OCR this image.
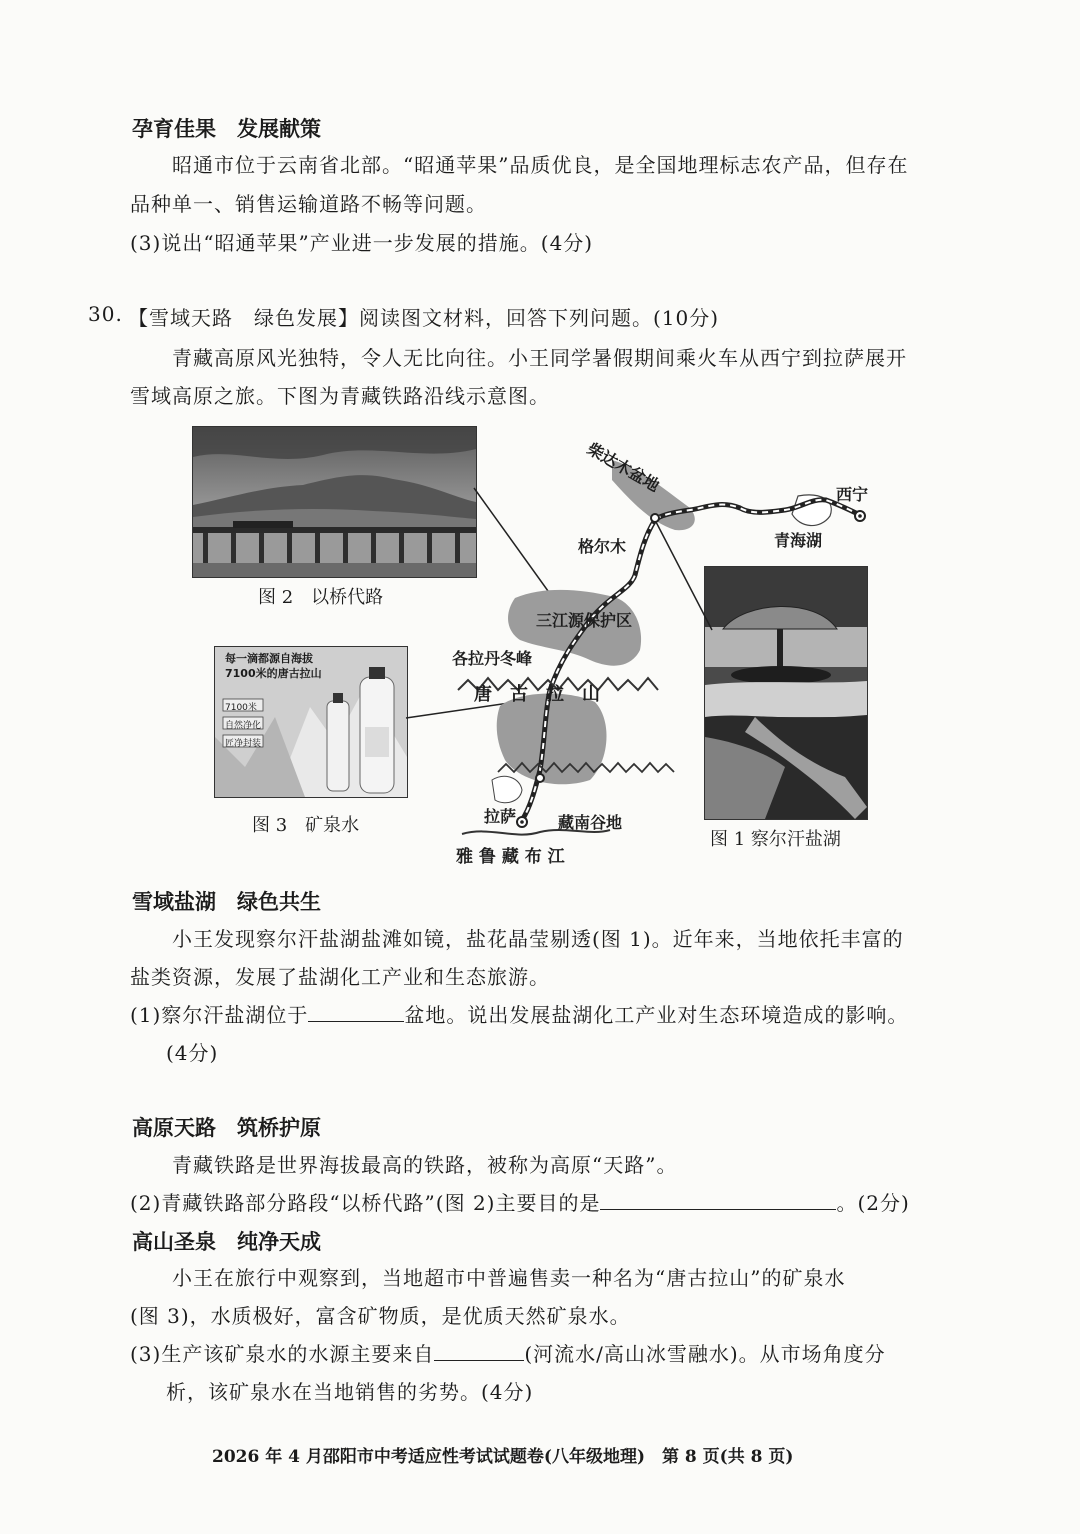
孕育佳果　发展献策
昭通市位于云南省北部。“昭通苹果”品质优良，是全国地理标志农产品，但存在
品种单一、销售运输道路不畅等问题。
(3)说出“昭通苹果”产业进一步发展的措施。(4分)
30. 【雪域天路　绿色发展】阅读图文材料，回答下列问题。(10分)
青藏高原风光独特，令人无比向往。小王同学暑假期间乘火车从西宁到拉萨展开
雪域高原之旅。下图为青藏铁路沿线示意图。
图 2　以桥代路
每一滴都源自海拔
7100米的唐古拉山
7100米
自然净化
匠净封装
图 3　矿泉水
图 1 察尔汗盐湖
柴达木盆地	西宁
青海湖
格尔木
三江源保护区
各拉丹冬峰
唐　古　拉　山
拉萨	藏南谷地
雅 鲁 藏 布 江
雪域盐湖　绿色共生
小王发现察尔汗盐湖盐滩如镜，盐花晶莹剔透(图 1)。近年来，当地依托丰富的
盐类资源，发展了盐湖化工产业和生态旅游。
(1)察尔汗盐湖位于	盆地。说出发展盐湖化工产业对生态环境造成的影响。
(4分)
高原天路　筑桥护原
青藏铁路是世界海拔最高的铁路，被称为高原“天路”。
(2)青藏铁路部分路段“以桥代路”(图 2)主要目的是	。(2分)
高山圣泉　纯净天成
小王在旅行中观察到，当地超市中普遍售卖一种名为“唐古拉山”的矿泉水
(图 3)，水质极好，富含矿物质，是优质天然矿泉水。
(3)生产该矿泉水的水源主要来自	(河流水/高山冰雪融水)。从市场角度分
析，该矿泉水在当地销售的劣势。(4分)
2026 年 4 月邵阳市中考适应性考试试题卷(八年级地理)　第 8 页(共 8 页)
